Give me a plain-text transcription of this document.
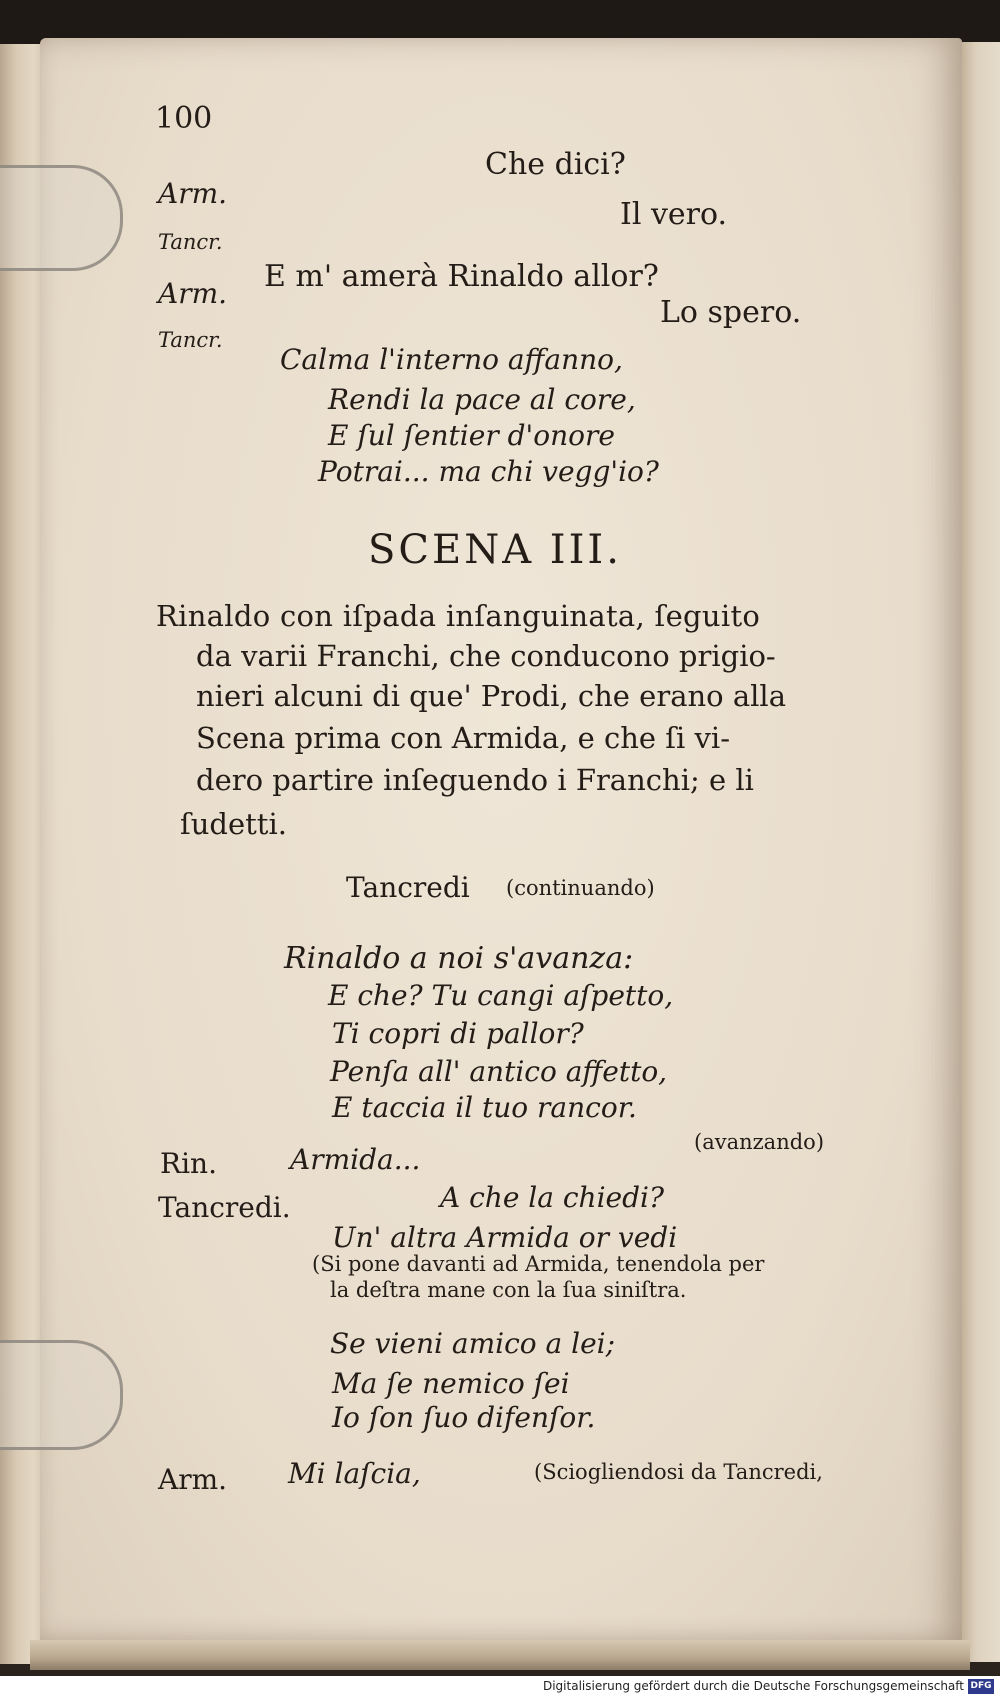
100
Che dici?
Arm.
Il vero.
Tancr.
Arm. E m' amerà Rinaldo allor?
Lo spero.
Tancr.
Calma l'interno affanno,
Rendi la pace al core,
E ſul ſentier d'onore
Potrai... ma chi vegg'io?
SCENA III.
Rinaldo con iſpada inſanguinata, ſeguito
da varii Franchi, che conducono prigio-
nieri alcuni di que' Prodi, che erano alla
Scena prima con Armida, e che ſi vi-
dero partire inſeguendo i Franchi; e li
ſudetti.
Tancredi (continuando)
Rinaldo a noi s'avanza:
E che? Tu cangi aſpetto,
Ti copri di pallor?
Penſa all' antico affetto,
E taccia il tuo rancor.
Rin.	Armida...
(avanzando)
Tancredi.	A che la chiedi?
Un' altra Armida or vedi
(Si pone davanti ad Armida, tenendola per
la deſtra mane con la ſua siniſtra.
Se vieni amico a lei;
Ma ſe nemico ſei
Io ſon ſuo difenſor.
Arm. Mi laſcia,	(Sciogliendosi da Tancredi,
Digitalisierung gefördert durch die Deutsche Forschungsgemeinschaft DFG
